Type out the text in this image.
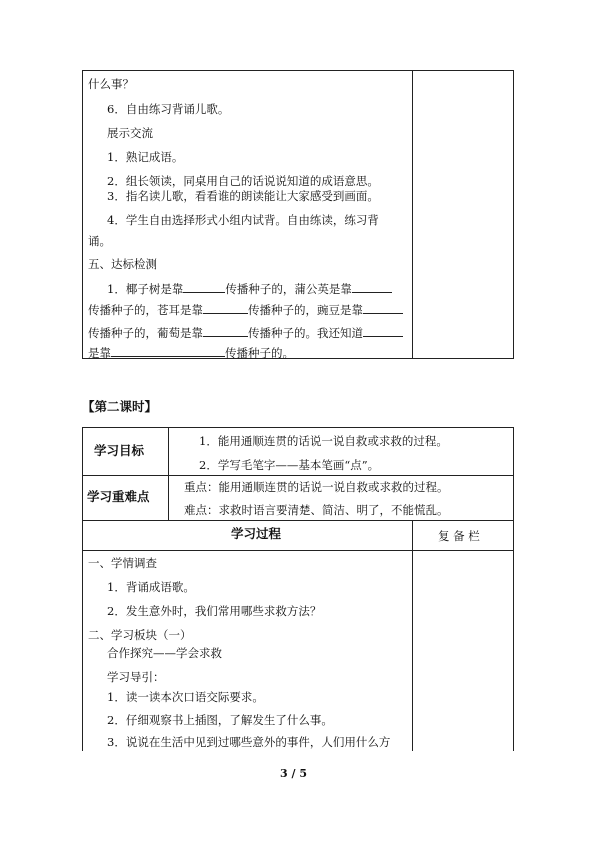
什么事？
6．自由练习背诵儿歌。
展示交流
1．熟记成语。
2．组长领读，同桌用自己的话说说知道的成语意思。
3．指名读儿歌，看看谁的朗读能让大家感受到画面。
4．学生自由选择形式小组内试背。自由练读，练习背
诵。
五、达标检测
1．椰子树是靠	传播种子的，蒲公英是靠
传播种子的，苍耳是靠	传播种子的，豌豆是靠
传播种子的，葡萄是靠	传播种子的。我还知道
是靠	传播种子的。
【第二课时】
学习目标
1．能用通顺连贯的话说一说自救或求救的过程。
2．学写毛笔字——基本笔画“点”。
学习重难点
重点：能用通顺连贯的话说一说自救或求救的过程。
难点：求救时语言要清楚、简洁、明了，不能慌乱。
学习过程	复 备 栏
一、学情调查
1．背诵成语歌。
2．发生意外时，我们常用哪些求救方法？
二、学习板块（一）
合作探究——学会求救
学习导引：
1．读一读本次口语交际要求。
2．仔细观察书上插图，了解发生了什么事。
3．说说在生活中见到过哪些意外的事件，人们用什么方
3 / 5
